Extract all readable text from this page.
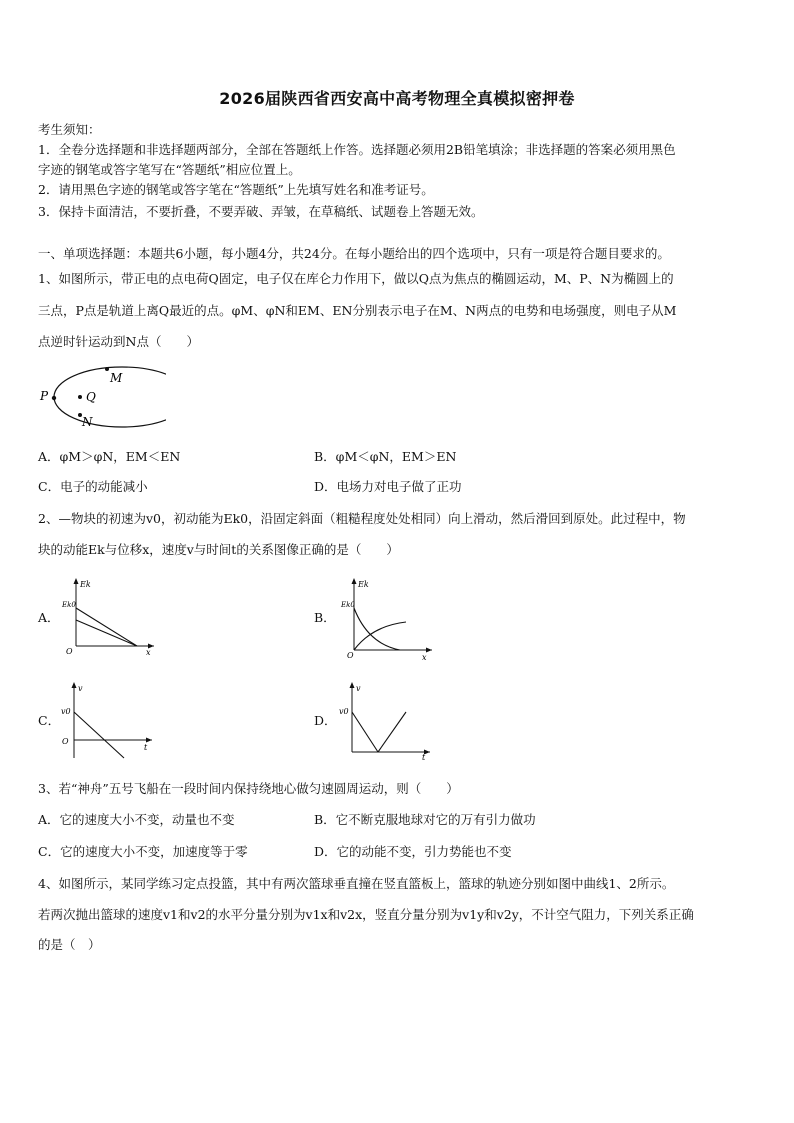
2026届陕西省西安高中高考物理全真模拟密押卷
考生须知：
1．全卷分选择题和非选择题两部分，全部在答题纸上作答。选择题必须用2B铅笔填涂；非选择题的答案必须用黑色
字迹的钢笔或答字笔写在“答题纸”相应位置上。
2．请用黑色字迹的钢笔或答字笔在“答题纸”上先填写姓名和准考证号。
3．保持卡面清洁，不要折叠，不要弄破、弄皱，在草稿纸、试题卷上答题无效。
一、单项选择题：本题共6小题，每小题4分，共24分。在每小题给出的四个选项中，只有一项是符合题目要求的。
1、如图所示，带正电的点电荷Q固定，电子仅在库仑力作用下，做以Q点为焦点的椭圆运动，M、P、N为椭圆上的
三点，P点是轨道上离Q最近的点。φM、φN和EM、EN分别表示电子在M、N两点的电势和电场强度，则电子从M
点逆时针运动到N点（　　）
P	Q
M
N
A．φM＞φN，EM＜EN	B．φM＜φN，EM＞EN
C．电子的动能减小	D．电场力对电子做了正功
2、—物块的初速为v0，初动能为Ek0，沿固定斜面（粗糙程度处处相同）向上滑动，然后滑回到原处。此过程中，物
块的动能Ek与位移x，速度v与时间t的关系图像正确的是（　　）
A．
Ek
Ek0
O	x
B．
Ek
Ek0
O	x
C．
v
v0
O
t
D．
v
v0
t
3、若“神舟”五号飞船在一段时间内保持绕地心做匀速圆周运动，则（　　）
A．它的速度大小不变，动量也不变	B．它不断克服地球对它的万有引力做功
C．它的速度大小不变，加速度等于零	D．它的动能不变，引力势能也不变
4、如图所示，某同学练习定点投篮，其中有两次篮球垂直撞在竖直篮板上，篮球的轨迹分别如图中曲线1、2所示。
若两次抛出篮球的速度v1和v2的水平分量分别为v1x和v2x，竖直分量分别为v1y和v2y，不计空气阻力，下列关系正确
的是（　）
